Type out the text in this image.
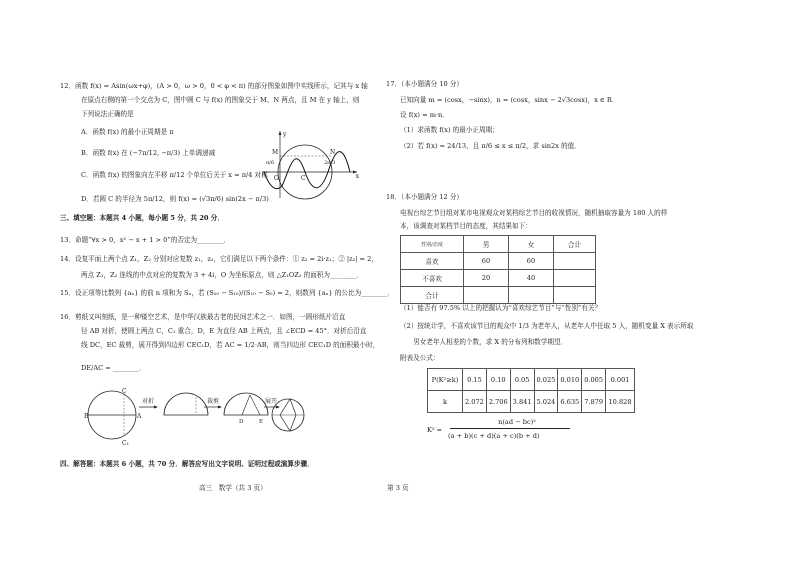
12．函数 f(x) = Asin(ωx+φ)，(A > 0，ω > 0，0 < φ < π) 的部分图象如图中实线所示，记其与 x 轴
在原点右侧的第一个交点为 C，图中圆 C 与 f(x) 的图象交于 M、N 两点，且 M 在 y 轴上，则
下列说法正确的是
A．函数 f(x) 的最小正周期是 π
B．函数 f(x) 在 (−7π/12, −π/3) 上单调递减
C．函数 f(x) 的图象向左平移 π/12 个单位后关于 x = π/4 对称
D．若圆 C 的半径为 5π/12，则 f(x) = (√3π/6) sin(2x − π/3)
x
y
O	C
M	N
π/6	2π/3
三、填空题：本题共 4 小题，每小题 5 分，共 20 分．
13．命题“∀x > 0，x² − x + 1 > 0”的否定为________．
14．设复平面上两个点 Z₁，Z₂ 分别对应复数 z₁，z₂，它们满足以下两个条件：① z₂ = 2i·z₁；② |z₂| = 2，
两点 Z₁，Z₂ 连线的中点对应的复数为 3 + 4i，O 为坐标原点，则 △Z₁OZ₂ 的面积为________．
15．设正项等比数列 {aₙ} 的前 n 项和为 Sₙ，若 (S₂₀ − S₁₀)/(S₁₀ − S₅) = 2，则数列 {aₙ} 的公比为________．
16．剪纸又叫刻纸，是一种镂空艺术，是中华汉族最古老的民间艺术之一．如图，一圆形纸片沿直
径 AB 对折，使圆上两点 C，C₁ 重合，D，E 为直径 AB 上两点，且 ∠ECD = 45°．对折后沿直
线 DC，EC 裁剪，展开得到四边形 CEC₁D，若 AC = 1/2·AB，则当四边形 CEC₁D 的面积最小时，
DE/AC = ________．
B	A
C
C₁
对折	裁剪
D	E
展开
四、解答题：本题共 6 小题，共 70 分．解答应写出文字说明、证明过程或演算步骤．
高三　数学（共 3 页）
17．（本小题满分 10 分）
已知向量 m = (cosx，−sinx)，n = (cosx，sinx − 2√3cosx)，x ∈ R．
设 f(x) = m·n．
（1）求函数 f(x) 的最小正周期；
（2）若 f(x) = 24/13，且 π/6 ≤ x ≤ π/2，求 sin2x 的值．
18．（本小题满分 12 分）
电视台综艺节目组对某市电视观众对某档综艺节目的收视情况，随机抽取容量为 180 人的样
本，该调查对某档节目的态度，其结果如下：
性别/态度	男	女	合计
喜欢	60	60	
不喜欢	20	40	
合计			
（1）能否有 97.5% 以上的把握认为“喜欢综艺节目”与“性别”有关？
（2）按统计学，不喜欢该节目的观众中 1/3 为老年人，从老年人中任取 5 人，随机变量 X 表示所取
　　男女老年人相差的个数，求 X 的分布列和数学期望．
附表及公式：
P(K²≥k)	0.15	0.10	0.05	0.025	0.010	0.005	0.001
k	2.072	2.706	3.841	5.024	6.635	7.879	10.828
K² =
n(ad − bc)²
(a + b)(c + d)(a + c)(b + d)
第 3 页
